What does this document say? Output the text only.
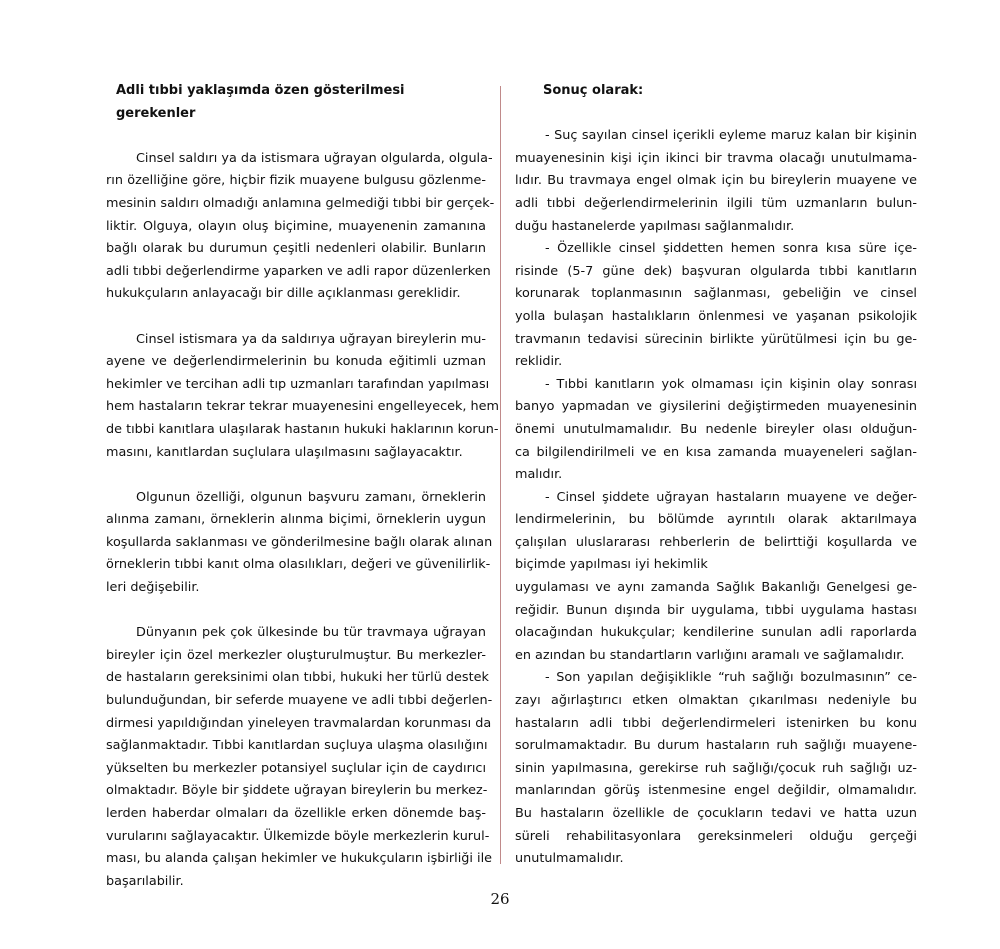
Adli tıbbi yaklaşımda özen gösterilmesi gerekenler
Cinsel saldırı ya da istismara uğrayan olgularda, olgula-
rın özelliğine göre, hiçbir fizik muayene bulgusu gözlenme-
mesinin saldırı olmadığı anlamına gelmediği tıbbi bir gerçek-
liktir. Olguya, olayın oluş biçimine, muayenenin zamanına
bağlı olarak bu durumun çeşitli nedenleri olabilir. Bunların
adli tıbbi değerlendirme yaparken ve adli rapor düzenlerken
hukukçuların anlayacağı bir dille açıklanması gereklidir.
Cinsel istismara ya da saldırıya uğrayan bireylerin mu-
ayene ve değerlendirmelerinin bu konuda eğitimli uzman
hekimler ve tercihan adli tıp uzmanları tarafından yapılması
hem hastaların tekrar tekrar muayenesini engelleyecek, hem
de tıbbi kanıtlara ulaşılarak hastanın hukuki haklarının korun-
masını, kanıtlardan suçlulara ulaşılmasını sağlayacaktır.
Olgunun özelliği, olgunun başvuru zamanı, örneklerin
alınma zamanı, örneklerin alınma biçimi, örneklerin uygun
koşullarda saklanması ve gönderilmesine bağlı olarak alınan
örneklerin tıbbi kanıt olma olasılıkları, değeri ve güvenilirlik-
leri değişebilir.
Dünyanın pek çok ülkesinde bu tür travmaya uğrayan
bireyler için özel merkezler oluşturulmuştur. Bu merkezler-
de hastaların gereksinimi olan tıbbi, hukuki her türlü destek
bulunduğundan, bir seferde muayene ve adli tıbbi değerlen-
dirmesi yapıldığından yineleyen travmalardan korunması da
sağlanmaktadır. Tıbbi kanıtlardan suçluya ulaşma olasılığını
yükselten bu merkezler potansiyel suçlular için de caydırıcı
olmaktadır. Böyle bir şiddete uğrayan bireylerin bu merkez-
lerden haberdar olmaları da özellikle erken dönemde baş-
vurularını sağlayacaktır. Ülkemizde böyle merkezlerin kurul-
ması, bu alanda çalışan hekimler ve hukukçuların işbirliği ile
başarılabilir.
Sonuç olarak:
- Suç sayılan cinsel içerikli eyleme maruz kalan bir kişinin
muayenesinin kişi için ikinci bir travma olacağı unutulmama-
lıdır. Bu travmaya engel olmak için bu bireylerin muayene ve
adli tıbbi değerlendirmelerinin ilgili tüm uzmanların bulun-
duğu hastanelerde yapılması sağlanmalıdır.
- Özellikle cinsel şiddetten hemen sonra kısa süre içe-
risinde (5-7 güne dek) başvuran olgularda tıbbi kanıtların
korunarak toplanmasının sağlanması, gebeliğin ve cinsel
yolla bulaşan hastalıkların önlenmesi ve yaşanan psikolojik
travmanın tedavisi sürecinin birlikte yürütülmesi için bu ge-
reklidir.
- Tıbbi kanıtların yok olmaması için kişinin olay sonrası
banyo yapmadan ve giysilerini değiştirmeden muayenesinin
önemi unutulmamalıdır. Bu nedenle bireyler olası olduğun-
ca bilgilendirilmeli ve en kısa zamanda muayeneleri sağlan-
malıdır.
- Cinsel şiddete uğrayan hastaların muayene ve değer-
lendirmelerinin, bu bölümde ayrıntılı olarak aktarılmaya
çalışılan uluslararası rehberlerin de belirttiği koşullarda ve
biçimde yapılması iyi hekimlik
uygulaması ve aynı zamanda Sağlık Bakanlığı Genelgesi ge-
reğidir. Bunun dışında bir uygulama, tıbbi uygulama hastası
olacağından hukukçular; kendilerine sunulan adli raporlarda
en azından bu standartların varlığını aramalı ve sağlamalıdır.
- Son yapılan değişiklikle “ruh sağlığı bozulmasının” ce-
zayı ağırlaştırıcı etken olmaktan çıkarılması nedeniyle bu
hastaların adli tıbbi değerlendirmeleri istenirken bu konu
sorulmamaktadır. Bu durum hastaların ruh sağlığı muayene-
sinin yapılmasına, gerekirse ruh sağlığı/çocuk ruh sağlığı uz-
manlarından görüş istenmesine engel değildir, olmamalıdır.
Bu hastaların özellikle de çocukların tedavi ve hatta uzun
süreli rehabilitasyonlara gereksinmeleri olduğu gerçeği
unutulmamalıdır.
26
